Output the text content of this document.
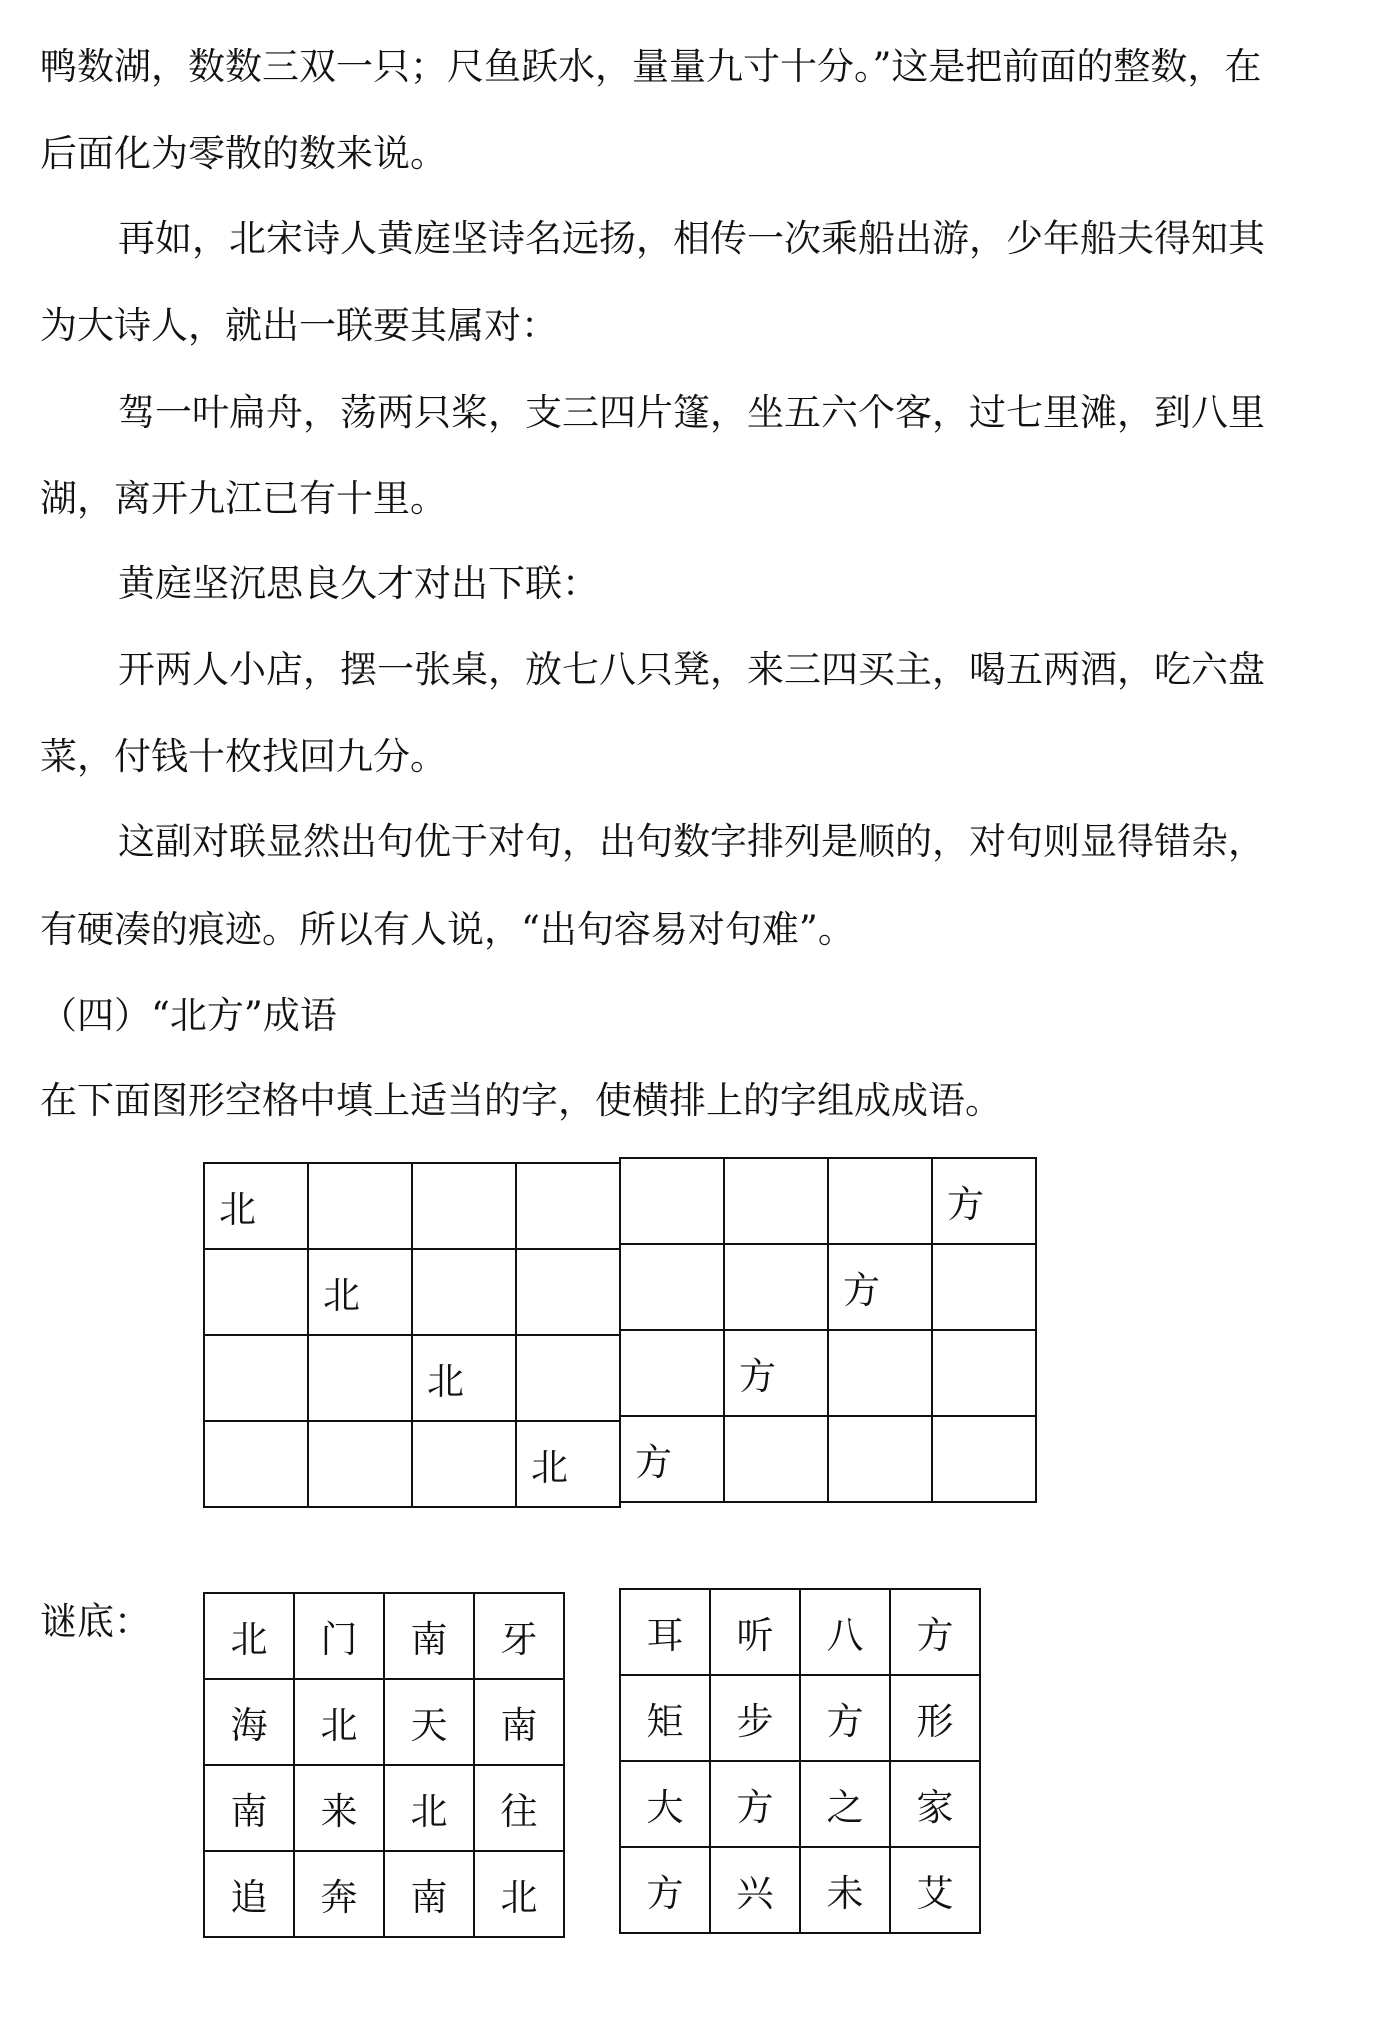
鸭数湖，数数三双一只；尺鱼跃水，量量九寸十分。”这是把前面的整数，在
后面化为零散的数来说。
再如，北宋诗人黄庭坚诗名远扬，相传一次乘船出游，少年船夫得知其
为大诗人，就出一联要其属对：
驾一叶扁舟，荡两只桨，支三四片篷，坐五六个客，过七里滩，到八里
湖，离开九江已有十里。
黄庭坚沉思良久才对出下联：
开两人小店，摆一张桌，放七八只凳，来三四买主，喝五两酒，吃六盘
菜，付钱十枚找回九分。
这副对联显然出句优于对句，出句数字排列是顺的，对句则显得错杂，
有硬凑的痕迹。所以有人说，“出句容易对句难”。
（四）“北方”成语
在下面图形空格中填上适当的字，使横排上的字组成成语。
北			
	北		
		北	
			北
			方
		方	
	方		
方			
谜底： 北	门	南	牙
海	北	天	南
南	来	北	往
追	奔	南	北
耳	听	八	方
矩	步	方	形
大	方	之	家
方	兴	未	艾
